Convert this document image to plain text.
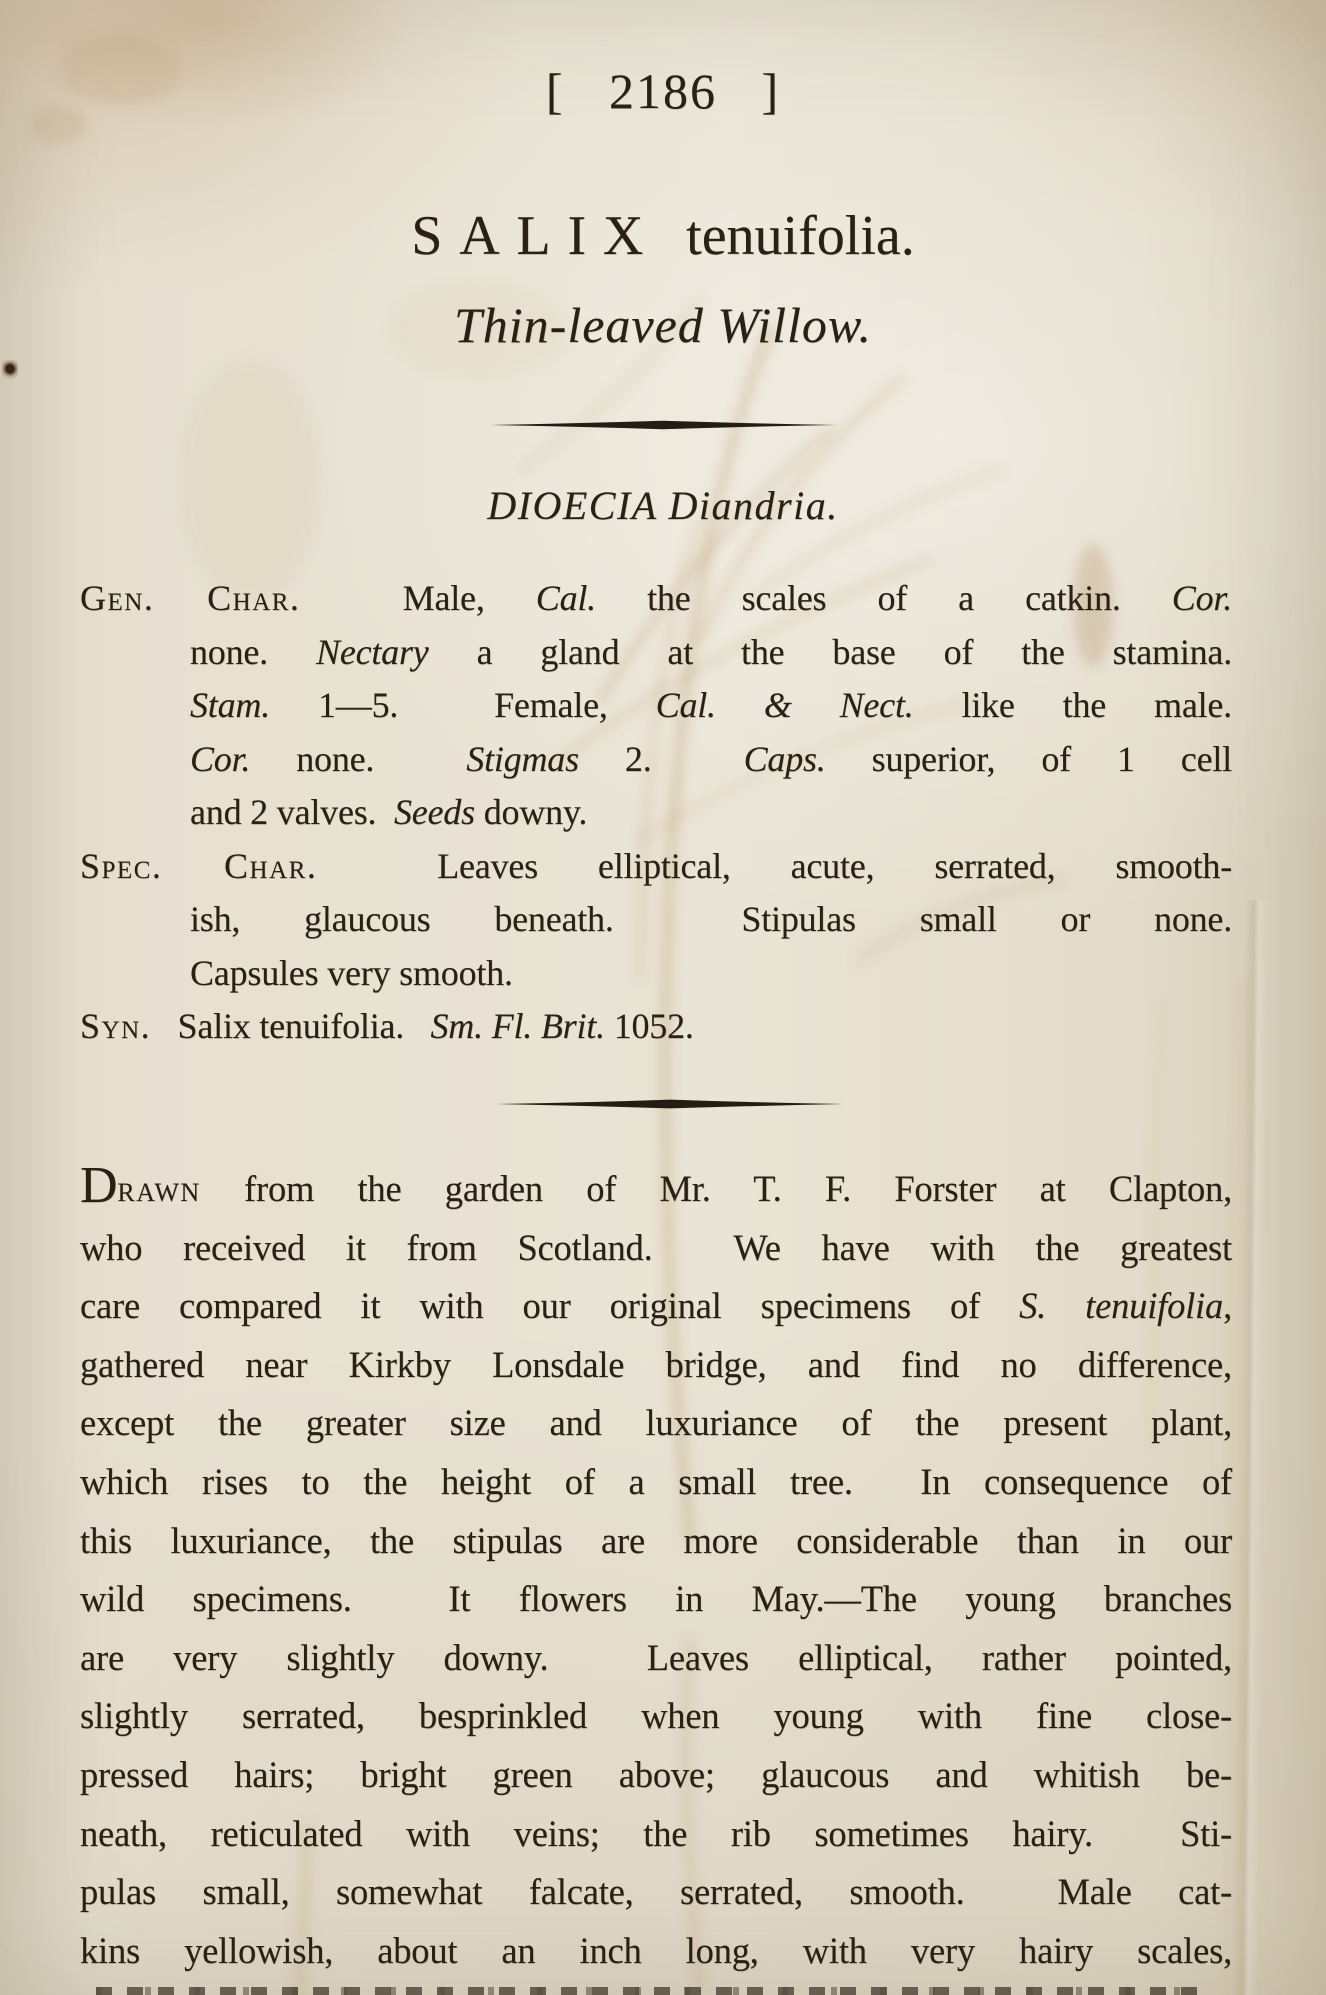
[ 2186 ]
SALIX tenuifolia.
Thin-leaved Willow.
DIOECIA Diandria.
Gen. Char.  Male, Cal. the scales of a catkin. Cor.
none. Nectary a gland at the base of the stamina.
Stam. 1—5.  Female, Cal. & Nect. like the male.
Cor. none.  Stigmas 2.  Caps. superior, of 1 cell
and 2 valves.  Seeds downy.
Spec. Char.  Leaves elliptical, acute, serrated, smooth-
ish, glaucous beneath.  Stipulas small or none.
Capsules very smooth.
Syn.   Salix tenuifolia.   Sm. Fl. Brit. 1052.
Drawn from the garden of Mr. T. F. Forster at Clapton,
who received it from Scotland.  We have with the greatest
care compared it with our original specimens of S. tenuifolia,
gathered near Kirkby Lonsdale bridge, and find no difference,
except the greater size and luxuriance of the present plant,
which rises to the height of a small tree.  In consequence of
this luxuriance, the stipulas are more considerable than in our
wild specimens.  It flowers in May.—The young branches
are very slightly downy.  Leaves elliptical, rather pointed,
slightly serrated, besprinkled when young with fine close-
pressed hairs; bright green above; glaucous and whitish be-
neath, reticulated with veins; the rib sometimes hairy.  Sti-
pulas small, somewhat falcate, serrated, smooth.  Male cat-
kins yellowish, about an inch long, with very hairy scales,
